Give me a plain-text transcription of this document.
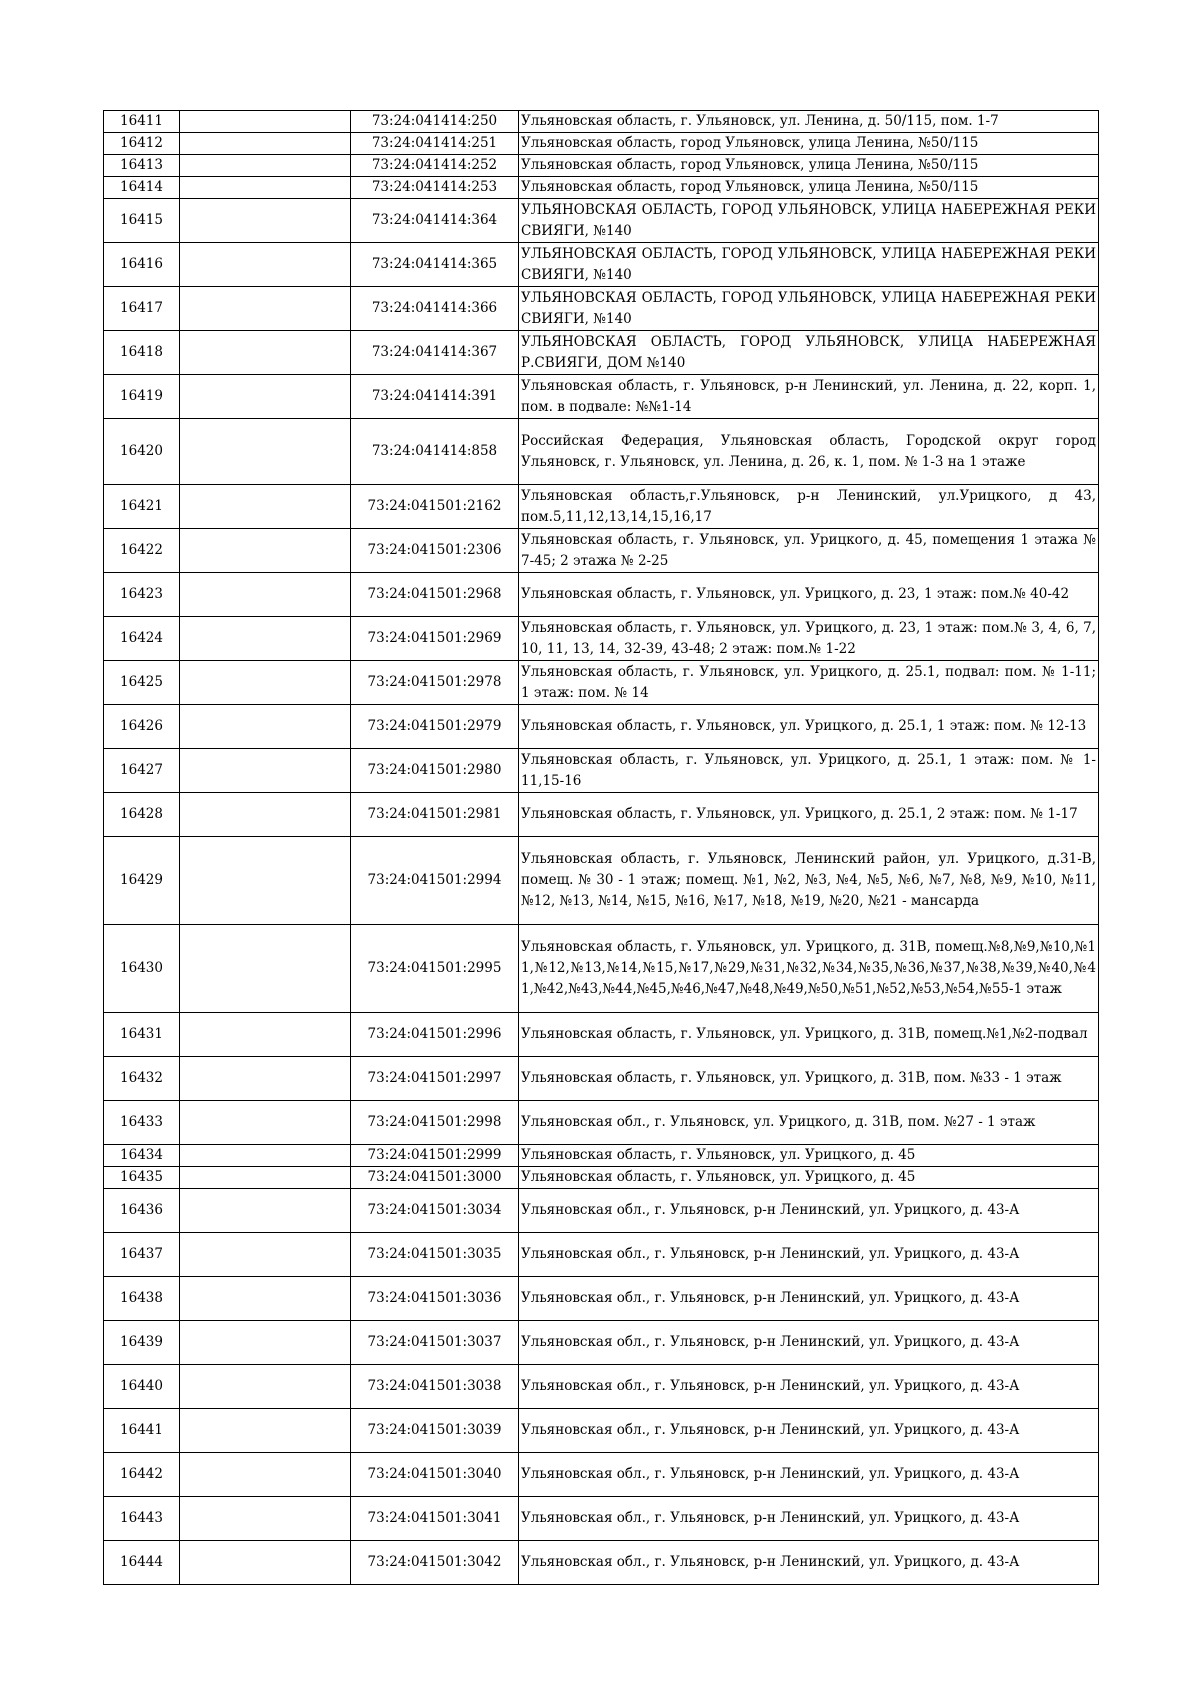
16411		73:24:041414:250	Ульяновская область, г. Ульяновск, ул. Ленина, д. 50/115, пом. 1-7
16412		73:24:041414:251	Ульяновская область, город Ульяновск, улица Ленина, №50/115
16413		73:24:041414:252	Ульяновская область, город Ульяновск, улица Ленина, №50/115
16414		73:24:041414:253	Ульяновская область, город Ульяновск, улица Ленина, №50/115
16415		73:24:041414:364	УЛЬЯНОВСКАЯ ОБЛАСТЬ, ГОРОД УЛЬЯНОВСК, УЛИЦА НАБЕРЕЖНАЯ РЕКИ СВИЯГИ, №140
16416		73:24:041414:365	УЛЬЯНОВСКАЯ ОБЛАСТЬ, ГОРОД УЛЬЯНОВСК, УЛИЦА НАБЕРЕЖНАЯ РЕКИ СВИЯГИ, №140
16417		73:24:041414:366	УЛЬЯНОВСКАЯ ОБЛАСТЬ, ГОРОД УЛЬЯНОВСК, УЛИЦА НАБЕРЕЖНАЯ РЕКИ СВИЯГИ, №140
16418		73:24:041414:367	УЛЬЯНОВСКАЯ ОБЛАСТЬ, ГОРОД УЛЬЯНОВСК, УЛИЦА НАБЕРЕЖНАЯ Р.СВИЯГИ, ДОМ №140
16419		73:24:041414:391	Ульяновская область, г. Ульяновск, р-н Ленинский, ул. Ленина, д. 22, корп. 1, пом. в подвале: №№1-14
16420		73:24:041414:858	Российская Федерация, Ульяновская область, Городской округ город Ульяновск, г. Ульяновск, ул. Ленина, д. 26, к. 1, пом. № 1-3 на 1 этаже
16421		73:24:041501:2162	Ульяновская область,г.Ульяновск, р-н Ленинский, ул.Урицкого, д 43, пом.5,11,12,13,14,15,16,17
16422		73:24:041501:2306	Ульяновская область, г. Ульяновск, ул. Урицкого, д. 45, помещения 1 этажа № 7-45; 2 этажа № 2-25
16423		73:24:041501:2968	Ульяновская область, г. Ульяновск, ул. Урицкого, д. 23, 1 этаж: пом.№ 40-42
16424		73:24:041501:2969	Ульяновская область, г. Ульяновск, ул. Урицкого, д. 23, 1 этаж: пом.№ 3, 4, 6, 7, 10, 11, 13, 14, 32-39, 43-48; 2 этаж: пом.№ 1-22
16425		73:24:041501:2978	Ульяновская область, г. Ульяновск, ул. Урицкого, д. 25.1, подвал: пом. № 1-11; 1 этаж: пом. № 14
16426		73:24:041501:2979	Ульяновская область, г. Ульяновск, ул. Урицкого, д. 25.1, 1 этаж: пом. № 12-13
16427		73:24:041501:2980	Ульяновская область, г. Ульяновск, ул. Урицкого, д. 25.1, 1 этаж: пом. № 1-11,15-16
16428		73:24:041501:2981	Ульяновская область, г. Ульяновск, ул. Урицкого, д. 25.1, 2 этаж: пом. № 1-17
16429		73:24:041501:2994	Ульяновская область, г. Ульяновск, Ленинский район, ул. Урицкого, д.31-В, помещ. № 30 - 1 этаж; помещ. №1, №2, №3, №4, №5, №6, №7, №8, №9, №10, №11, №12, №13, №14, №15, №16, №17, №18, №19, №20, №21 - мансарда
16430		73:24:041501:2995	Ульяновская область, г. Ульяновск, ул. Урицкого, д. 31В, помещ.№8,№9,№10,№11,№12,№13,№14,№15,№17,№29,№31,№32,№34,№35,№36,№37,№38,№39,№40,№41,№42,№43,№44,№45,№46,№47,№48,№49,№50,№51,№52,№53,№54,№55-1 этаж
16431		73:24:041501:2996	Ульяновская область, г. Ульяновск, ул. Урицкого, д. 31В, помещ.№1,№2-подвал
16432		73:24:041501:2997	Ульяновская область, г. Ульяновск, ул. Урицкого, д. 31В, пом. №33 - 1 этаж
16433		73:24:041501:2998	Ульяновская обл., г. Ульяновск, ул. Урицкого, д. 31В, пом. №27 - 1 этаж
16434		73:24:041501:2999	Ульяновская область, г. Ульяновск, ул. Урицкого, д. 45
16435		73:24:041501:3000	Ульяновская область, г. Ульяновск, ул. Урицкого, д. 45
16436		73:24:041501:3034	Ульяновская обл., г. Ульяновск, р-н Ленинский, ул. Урицкого, д. 43-А
16437		73:24:041501:3035	Ульяновская обл., г. Ульяновск, р-н Ленинский, ул. Урицкого, д. 43-А
16438		73:24:041501:3036	Ульяновская обл., г. Ульяновск, р-н Ленинский, ул. Урицкого, д. 43-А
16439		73:24:041501:3037	Ульяновская обл., г. Ульяновск, р-н Ленинский, ул. Урицкого, д. 43-А
16440		73:24:041501:3038	Ульяновская обл., г. Ульяновск, р-н Ленинский, ул. Урицкого, д. 43-А
16441		73:24:041501:3039	Ульяновская обл., г. Ульяновск, р-н Ленинский, ул. Урицкого, д. 43-А
16442		73:24:041501:3040	Ульяновская обл., г. Ульяновск, р-н Ленинский, ул. Урицкого, д. 43-А
16443		73:24:041501:3041	Ульяновская обл., г. Ульяновск, р-н Ленинский, ул. Урицкого, д. 43-А
16444		73:24:041501:3042	Ульяновская обл., г. Ульяновск, р-н Ленинский, ул. Урицкого, д. 43-А
